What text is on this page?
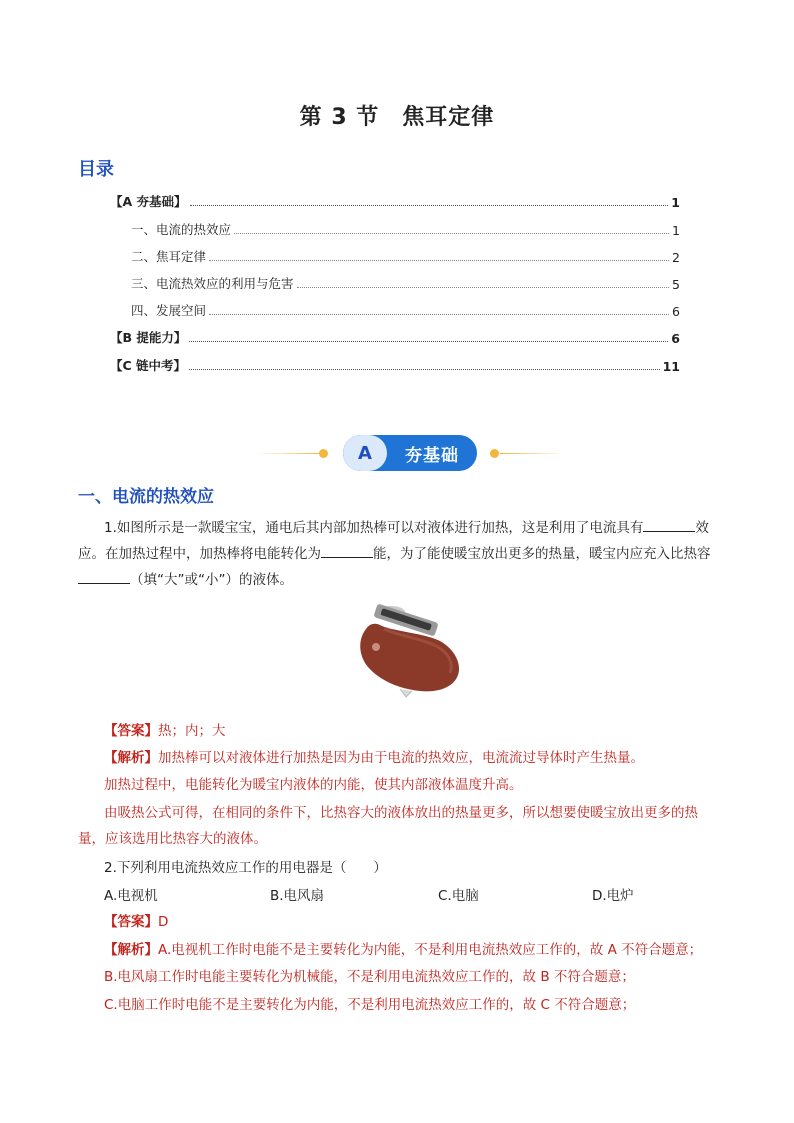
第 3 节　焦耳定律
目录
【A 夯基础】	1
一、电流的热效应	1
二、焦耳定律	2
三、电流热效应的利用与危害	5
四、发展空间	6
【B 提能力】	6
【C 链中考】	11
A	夯基础
一、电流的热效应
1.如图所示是一款暖宝宝，通电后其内部加热棒可以对液体进行加热，这是利用了电流具有	效应。在加热过程中，加热棒将电能转化为	能，为了能使暖宝放出更多的热量，暖宝内应充入比热容（填“大”或“小”）的液体。
【答案】热；内；大
【解析】加热棒可以对液体进行加热是因为由于电流的热效应，电流流过导体时产生热量。
加热过程中，电能转化为暖宝内液体的内能，使其内部液体温度升高。
由吸热公式可得，在相同的条件下，比热容大的液体放出的热量更多，所以想要使暖宝放出更多的热量，应该选用比热容大的液体。
2.下列利用电流热效应工作的用电器是（　　）
A.电视机	B.电风扇	C.电脑	D.电炉
【答案】D
【解析】A.电视机工作时电能不是主要转化为内能，不是利用电流热效应工作的，故 A 不符合题意；
B.电风扇工作时电能主要转化为机械能，不是利用电流热效应工作的，故 B 不符合题意；
C.电脑工作时电能不是主要转化为内能，不是利用电流热效应工作的，故 C 不符合题意；
